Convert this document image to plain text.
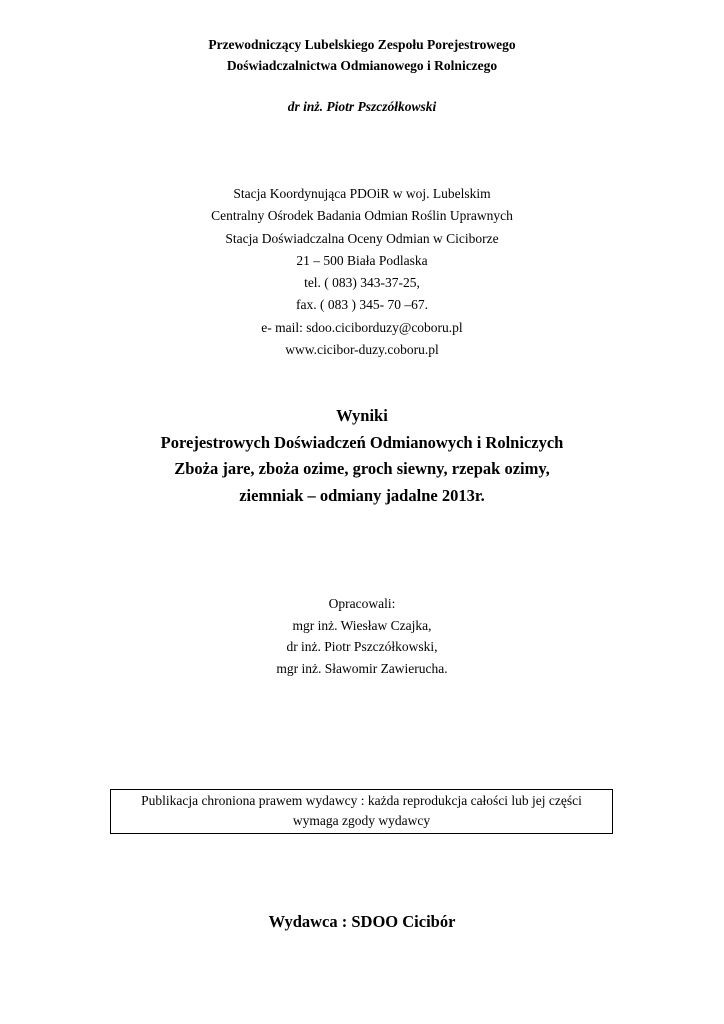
Przewodniczący Lubelskiego Zespołu Porejestrowego
Doświadczalnictwa Odmianowego i Rolniczego
dr inż. Piotr Pszczółkowski
Stacja Koordynująca PDOiR w woj. Lubelskim
Centralny Ośrodek Badania Odmian Roślin Uprawnych
Stacja Doświadczalna Oceny Odmian w Ciciborze
21 – 500 Biała Podlaska
tel. ( 083) 343-37-25,
fax. ( 083 ) 345- 70 –67.
e- mail: sdoo.ciciborduzy@coboru.pl
www.cicibor-duzy.coboru.pl
Wyniki
Porejestrowych Doświadczeń Odmianowych i Rolniczych
Zboża jare, zboża ozime, groch siewny, rzepak ozimy,
ziemniak – odmiany jadalne 2013r.
Opracowali:
mgr inż. Wiesław Czajka,
dr inż. Piotr Pszczółkowski,
mgr inż. Sławomir Zawierucha.
Publikacja chroniona prawem wydawcy : każda reprodukcja całości lub jej części
wymaga zgody wydawcy
Wydawca : SDOO Cicibór
